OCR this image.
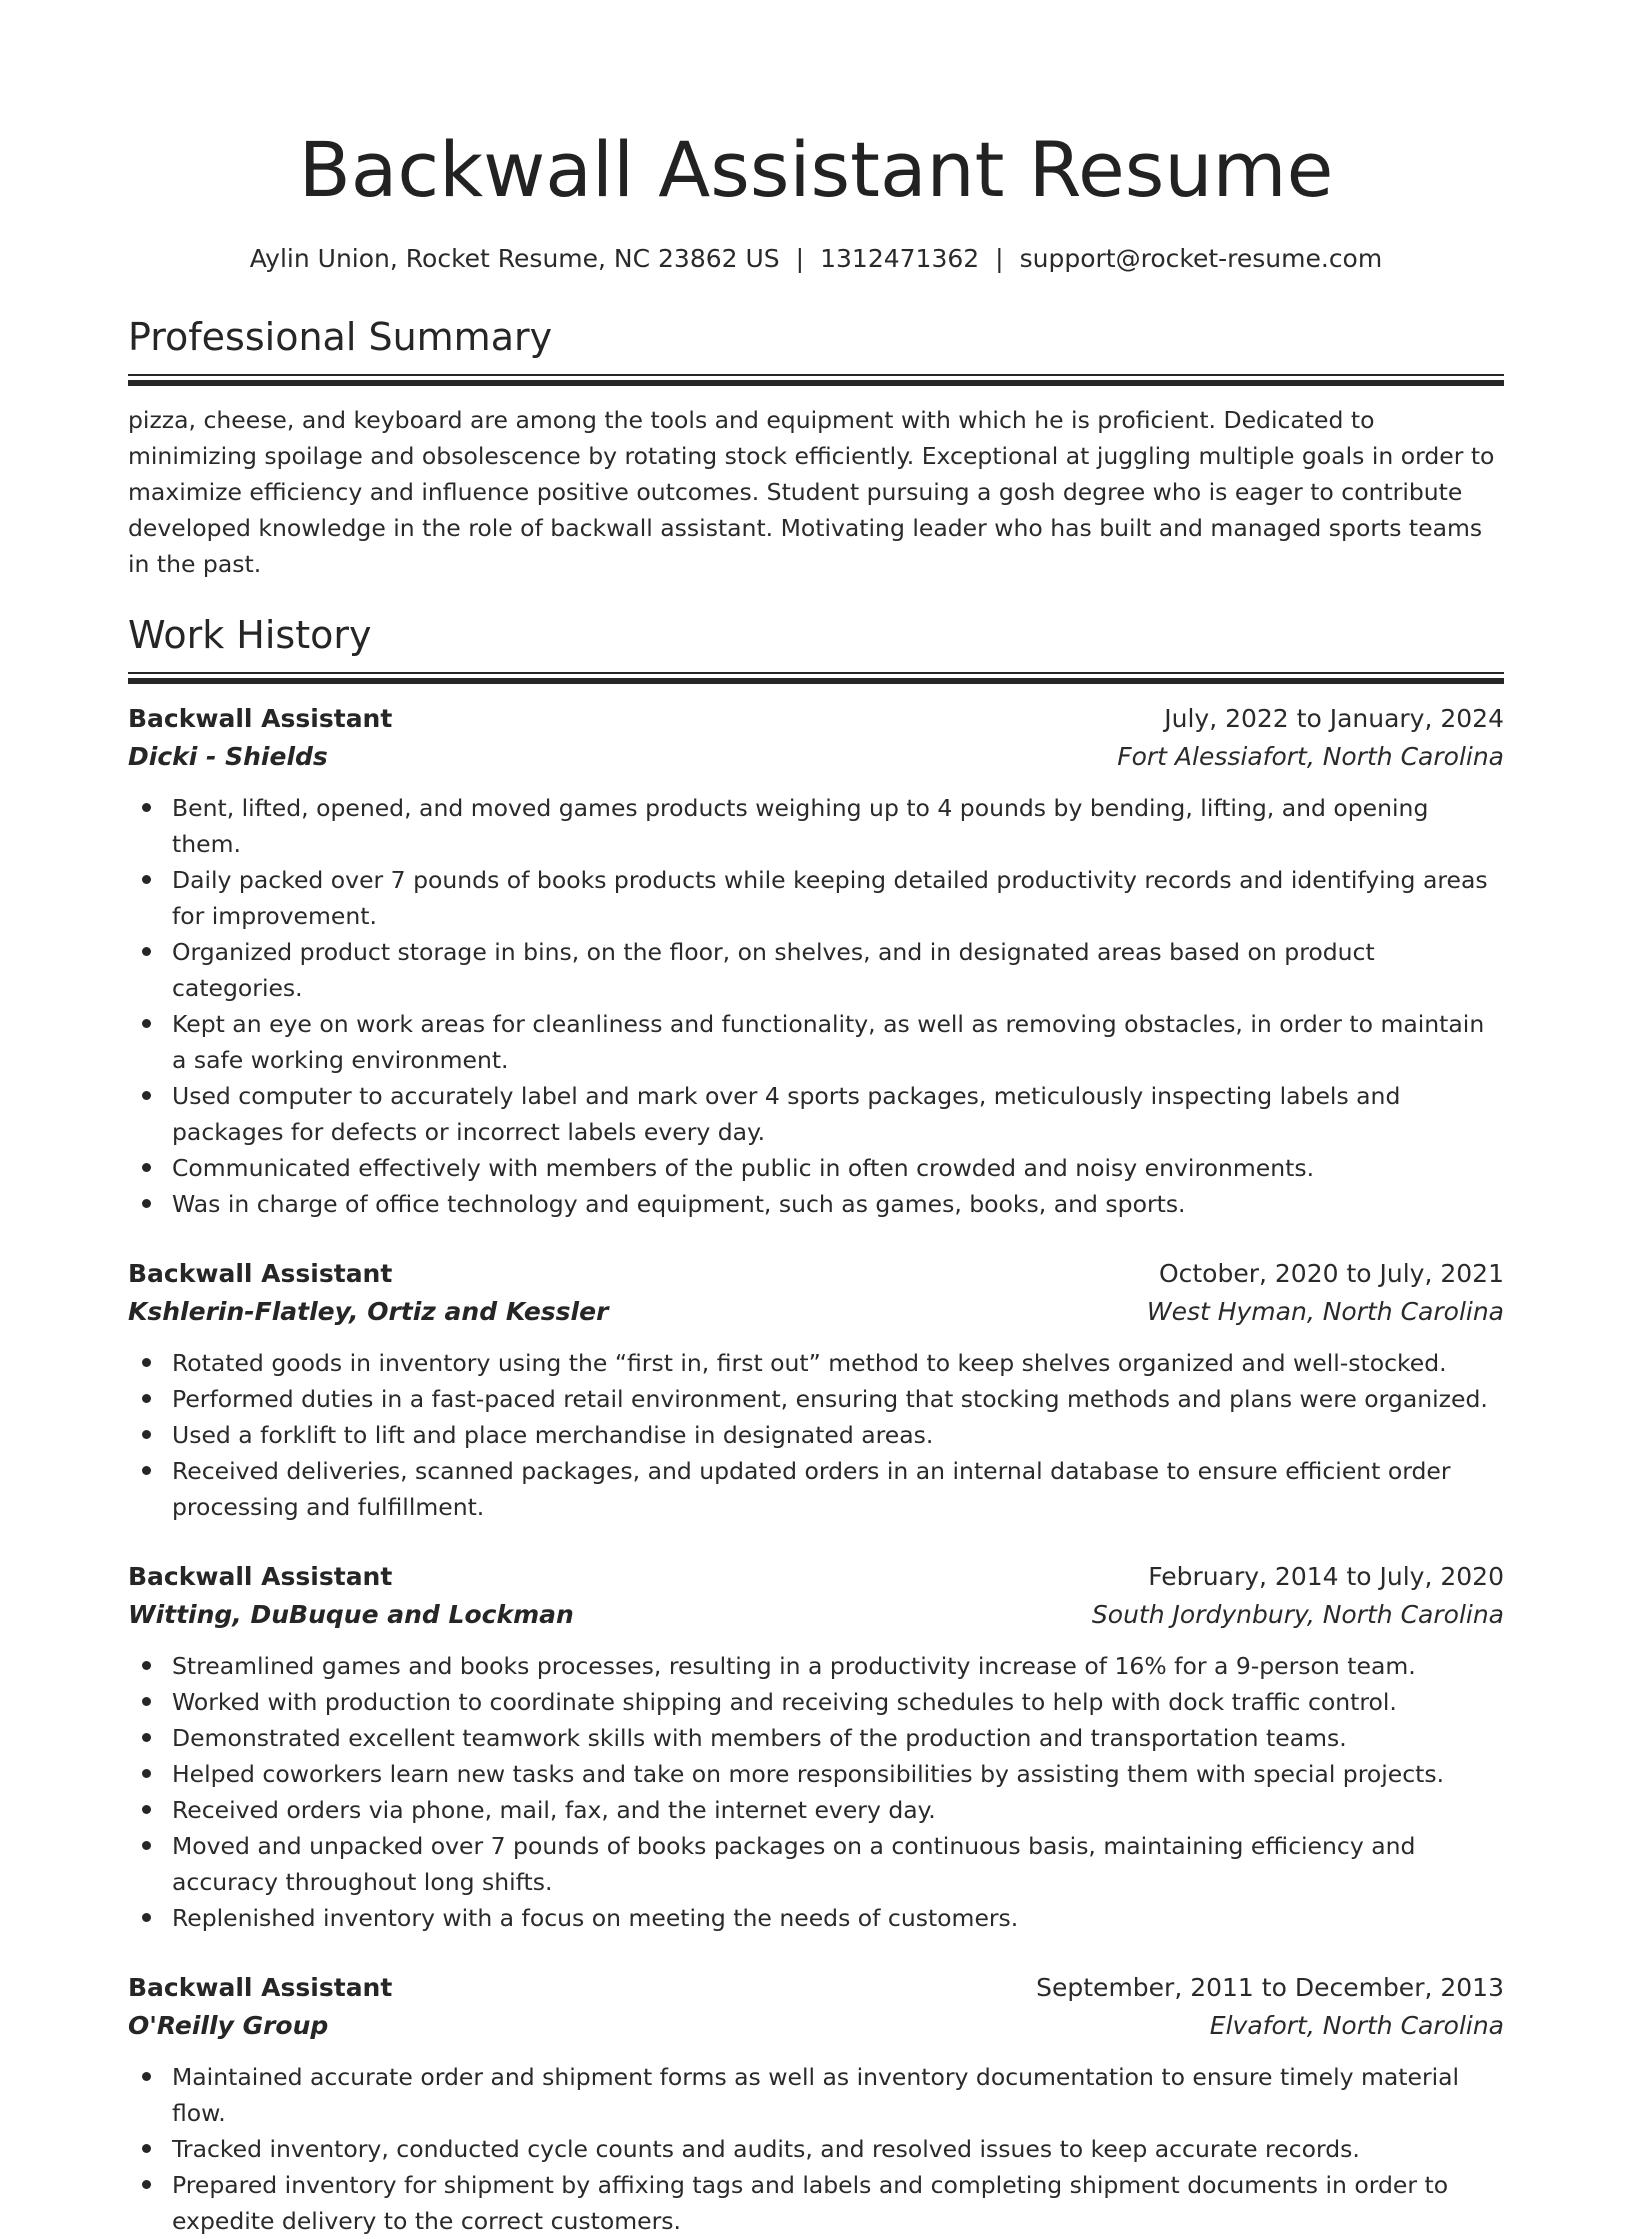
Backwall Assistant Resume
Aylin Union, Rocket Resume, NC 23862 US | 1312471362 | support@rocket-resume.com
Professional Summary
pizza, cheese, and keyboard are among the tools and equipment with which he is proficient. Dedicated to minimizing spoilage and obsolescence by rotating stock efficiently. Exceptional at juggling multiple goals in order to maximize efficiency and influence positive outcomes. Student pursuing a gosh degree who is eager to contribute developed knowledge in the role of backwall assistant. Motivating leader who has built and managed sports teams in the past.
Work History
Backwall Assistant	July, 2022 to January, 2024
Dicki - Shields	Fort Alessiafort, North Carolina
Bent, lifted, opened, and moved games products weighing up to 4 pounds by bending, lifting, and opening them.
Daily packed over 7 pounds of books products while keeping detailed productivity records and identifying areas for improvement.
Organized product storage in bins, on the floor, on shelves, and in designated areas based on product categories.
Kept an eye on work areas for cleanliness and functionality, as well as removing obstacles, in order to maintain a safe working environment.
Used computer to accurately label and mark over 4 sports packages, meticulously inspecting labels and packages for defects or incorrect labels every day.
Communicated effectively with members of the public in often crowded and noisy environments.
Was in charge of office technology and equipment, such as games, books, and sports.
Backwall Assistant	October, 2020 to July, 2021
Kshlerin-Flatley, Ortiz and Kessler	West Hyman, North Carolina
Rotated goods in inventory using the “first in, first out” method to keep shelves organized and well-stocked.
Performed duties in a fast-paced retail environment, ensuring that stocking methods and plans were organized.
Used a forklift to lift and place merchandise in designated areas.
Received deliveries, scanned packages, and updated orders in an internal database to ensure efficient order processing and fulfillment.
Backwall Assistant	February, 2014 to July, 2020
Witting, DuBuque and Lockman	South Jordynbury, North Carolina
Streamlined games and books processes, resulting in a productivity increase of 16% for a 9-person team.
Worked with production to coordinate shipping and receiving schedules to help with dock traffic control.
Demonstrated excellent teamwork skills with members of the production and transportation teams.
Helped coworkers learn new tasks and take on more responsibilities by assisting them with special projects.
Received orders via phone, mail, fax, and the internet every day.
Moved and unpacked over 7 pounds of books packages on a continuous basis, maintaining efficiency and accuracy throughout long shifts.
Replenished inventory with a focus on meeting the needs of customers.
Backwall Assistant	September, 2011 to December, 2013
O'Reilly Group	Elvafort, North Carolina
Maintained accurate order and shipment forms as well as inventory documentation to ensure timely material flow.
Tracked inventory, conducted cycle counts and audits, and resolved issues to keep accurate records.
Prepared inventory for shipment by affixing tags and labels and completing shipment documents in order to expedite delivery to the correct customers.
